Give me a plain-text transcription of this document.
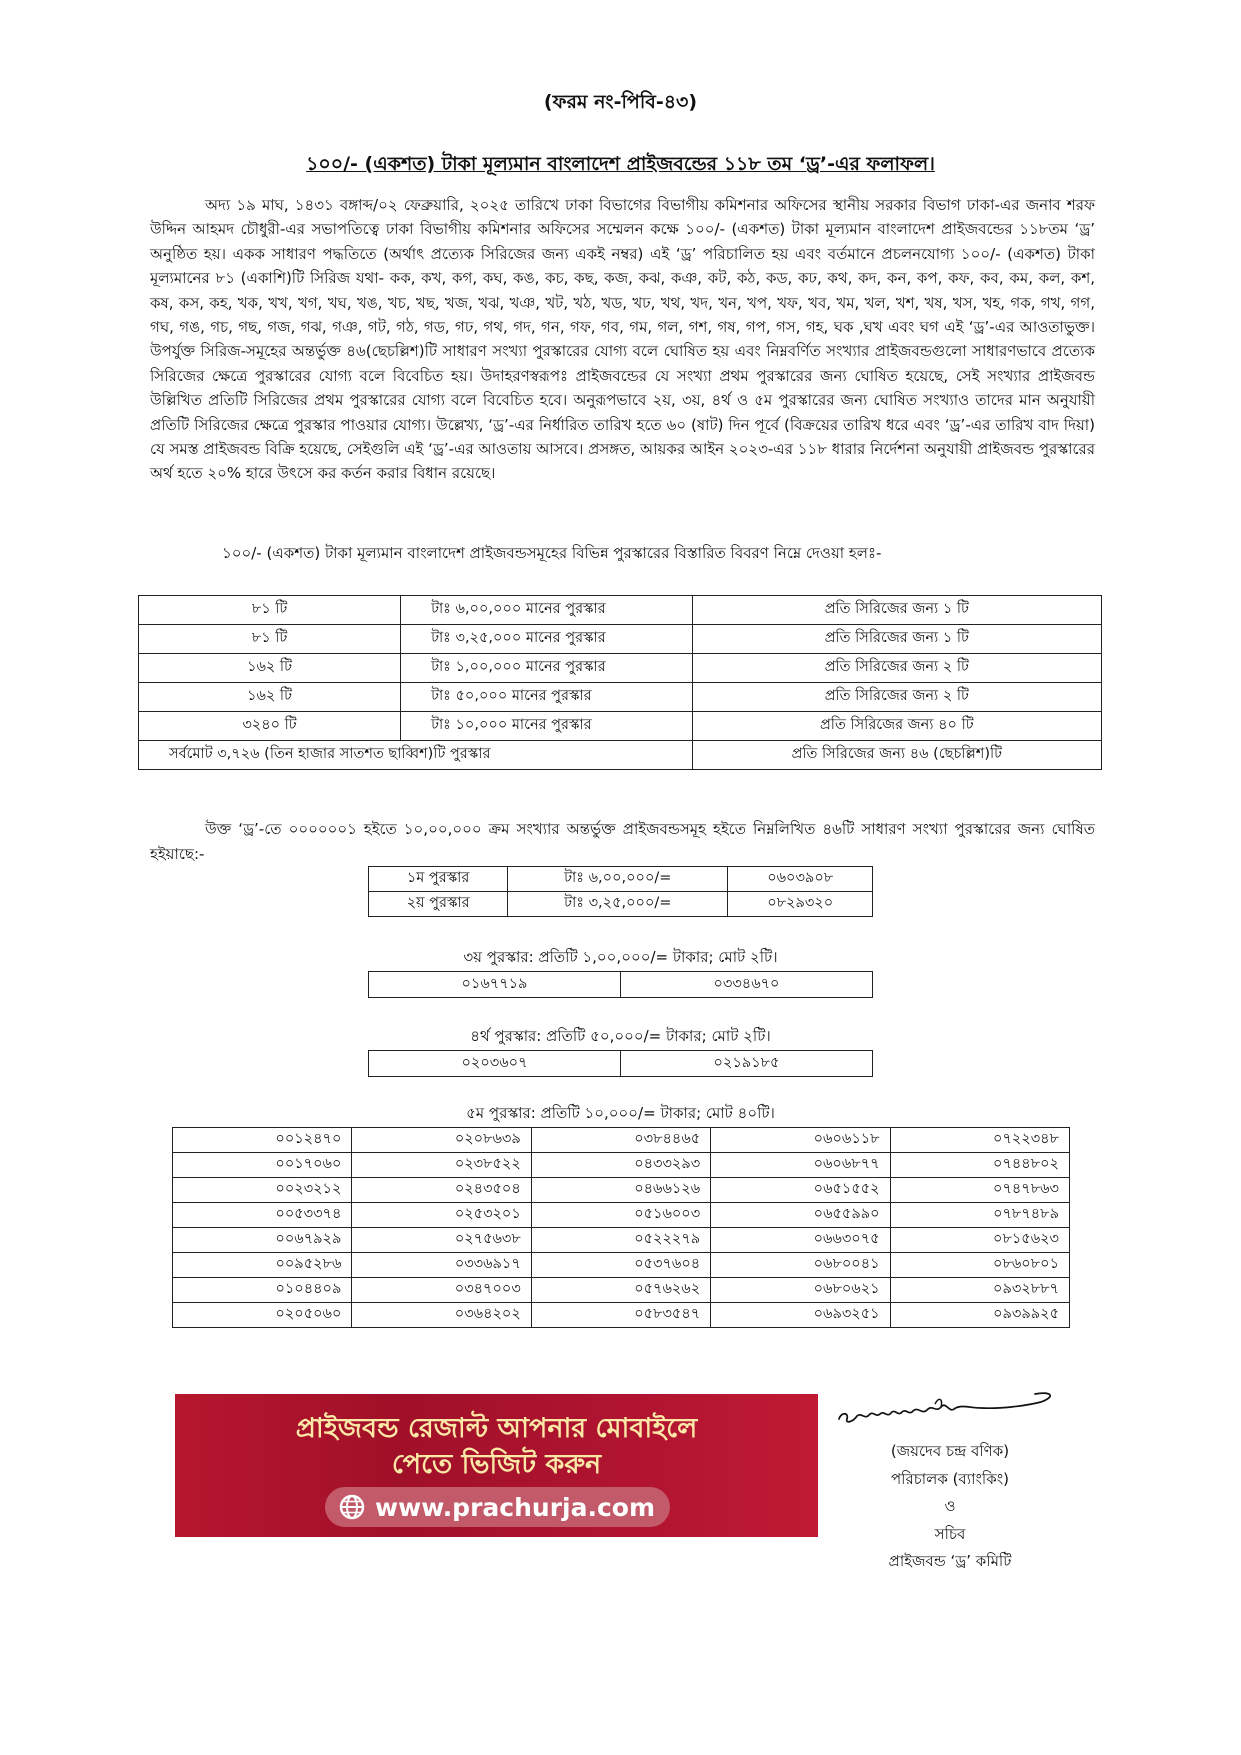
(ফরম নং-পিবি-৪৩)
১০০/- (একশত) টাকা মূল্যমান বাংলাদেশ প্রাইজবন্ডের ১১৮ তম ‘ড্র’-এর ফলাফল।

অদ্য ১৯ মাঘ, ১৪৩১ বঙ্গাব্দ/০২ ফেব্রুয়ারি, ২০২৫ তারিখে ঢাকা বিভাগের বিভাগীয় কমিশনার অফিসের স্থানীয় সরকার বিভাগ ঢাকা-এর জনাব শরফ উদ্দিন আহমদ চৌধুরী-এর সভাপতিত্বে ঢাকা বিভাগীয় কমিশনার অফিসের সম্মেলন কক্ষে ১০০/- (একশত) টাকা মূল্যমান বাংলাদেশ প্রাইজবন্ডের ১১৮তম ‘ড্র’ অনুষ্ঠিত হয়। একক সাধারণ পদ্ধতিতে (অর্থাৎ প্রত্যেক সিরিজের জন্য একই নম্বর) এই ‘ড্র’ পরিচালিত হয় এবং বর্তমানে প্রচলনযোগ্য ১০০/- (একশত) টাকা মূল্যমানের ৮১ (একাশি)টি সিরিজ যথা- কক, কখ, কগ, কঘ, কঙ, কচ, কছ, কজ, কঝ, কঞ, কট, কঠ, কড, কঢ, কথ, কদ, কন, কপ, কফ, কব, কম, কল, কশ, কষ, কস, কহ, খক, খখ, খগ, খঘ, খঙ, খচ, খছ, খজ, খঝ, খঞ, খট, খঠ, খড, খঢ, খথ, খদ, খন, খপ, খফ, খব, খম, খল, খশ, খষ, খস, খহ, গক, গখ, গগ, গঘ, গঙ, গচ, গছ, গজ, গঝ, গঞ, গট, গঠ, গড, গঢ, গথ, গদ, গন, গফ, গব, গম, গল, গশ, গষ, গপ, গস, গহ, ঘক ,ঘখ এবং ঘগ এই ‘ড্র’-এর আওতাভুক্ত। উপর্যুক্ত সিরিজ-সমূহের অন্তর্ভুক্ত ৪৬(ছেচল্লিশ)টি সাধারণ সংখ্যা পুরস্কারের যোগ্য বলে ঘোষিত হয় এবং নিম্নবর্ণিত সংখ্যার প্রাইজবন্ডগুলো সাধারণভাবে প্রত্যেক সিরিজের ক্ষেত্রে পুরস্কারের যোগ্য বলে বিবেচিত হয়। উদাহরণস্বরূপঃ প্রাইজবন্ডের যে সংখ্যা প্রথম পুরস্কারের জন্য ঘোষিত হয়েছে, সেই সংখ্যার প্রাইজবন্ড উল্লিখিত প্রতিটি সিরিজের প্রথম পুরস্কারের যোগ্য বলে বিবেচিত হবে। অনুরূপভাবে ২য়, ৩য়, ৪র্থ ও ৫ম পুরস্কারের জন্য ঘোষিত সংখ্যাও তাদের মান অনুযায়ী প্রতিটি সিরিজের ক্ষেত্রে পুরস্কার পাওয়ার যোগ্য। উল্লেখ্য, ‘ড্র’-এর নির্ধারিত তারিখ হতে ৬০ (ষাট) দিন পূর্বে (বিক্রয়ের তারিখ ধরে এবং ‘ড্র’-এর তারিখ বাদ দিয়া) যে সমস্ত প্রাইজবন্ড বিক্রি হয়েছে, সেইগুলি এই ‘ড্র’-এর আওতায় আসবে। প্রসঙ্গত, আয়কর আইন ২০২৩-এর ১১৮ ধারার নির্দেশনা অনুযায়ী প্রাইজবন্ড পুরস্কারের অর্থ হতে ২০% হারে উৎসে কর কর্তন করার বিধান রয়েছে।

১০০/- (একশত) টাকা মূল্যমান বাংলাদেশ প্রাইজবন্ডসমূহের বিভিন্ন পুরস্কারের বিস্তারিত বিবরণ নিম্নে দেওয়া হলঃ-
৮১ টি	টাঃ ৬,০০,০০০ মানের পুরস্কার	প্রতি সিরিজের জন্য ১ টি
৮১ টি	টাঃ ৩,২৫,০০০ মানের পুরস্কার	প্রতি সিরিজের জন্য ১ টি
১৬২ টি	টাঃ ১,০০,০০০ মানের পুরস্কার	প্রতি সিরিজের জন্য ২ টি
১৬২ টি	টাঃ ৫০,০০০ মানের পুরস্কার	প্রতি সিরিজের জন্য ২ টি
৩২৪০ টি	টাঃ ১০,০০০ মানের পুরস্কার	প্রতি সিরিজের জন্য ৪০ টি
সর্বমোট ৩,৭২৬ (তিন হাজার সাতশত ছাব্বিশ)টি পুরস্কার		প্রতি সিরিজের জন্য ৪৬ (ছেচল্লিশ)টি

উক্ত ‘ড্র’-তে ০০০০০০১ হইতে ১০,০০,০০০ ক্রম সংখ্যার অন্তর্ভুক্ত প্রাইজবন্ডসমূহ হইতে নিম্নলিখিত ৪৬টি সাধারণ সংখ্যা পুরস্কারের জন্য ঘোষিত হইয়াছে:-

১ম পুরস্কার	টাঃ ৬,০০,০০০/=	০৬০৩৯০৮
২য় পুরস্কার	টাঃ ৩,২৫,০০০/=	০৮২৯৩২০
৩য় পুরস্কার: প্রতিটি ১,০০,০০০/= টাকার; মোট ২টি।
০১৬৭৭১৯	০৩৩৪৬৭০
৪র্থ পুরস্কার: প্রতিটি ৫০,০০০/= টাকার; মোট ২টি।
০২০৩৬০৭	০২১৯১৮৫
৫ম পুরস্কার: প্রতিটি ১০,০০০/= টাকার; মোট ৪০টি।
০০১২৪৭০	০২০৮৬৩৯	০৩৮৪৪৬৫	০৬০৬১১৮	০৭২২৩৪৮
০০১৭০৬০	০২৩৮৫২২	০৪৩৩২৯৩	০৬০৬৮৭৭	০৭৪৪৮০২
০০২৩২১২	০২৪৩৫০৪	০৪৬৬১২৬	০৬৫১৫৫২	০৭৪৭৮৬৩
০০৫৩৩৭৪	০২৫৩২০১	০৫১৬০০৩	০৬৫৫৯৯০	০৭৮৭৪৮৯
০০৬৭৯২৯	০২৭৫৬৩৮	০৫২২২৭৯	০৬৬৩০৭৫	০৮১৫৬২৩
০০৯৫২৮৬	০৩৩৬৯১৭	০৫৩৭৬০৪	০৬৮০০৪১	০৮৬০৮০১
০১০৪৪০৯	০৩৪৭০০৩	০৫৭৬২৬২	০৬৮০৬২১	০৯৩২৮৮৭
০২০৫০৬০	০৩৬৪২০২	০৫৮৩৫৪৭	০৬৯৩২৫১	০৯৩৯৯২৫
প্রাইজবন্ড রেজাল্ট আপনার মোবাইলে
পেতে ভিজিট করুন
www.prachurja.com
(জয়দেব চন্দ্র বণিক)
পরিচালক (ব্যাংকিং)
ও
সচিব
প্রাইজবন্ড ‘ড্র’ কমিটি
